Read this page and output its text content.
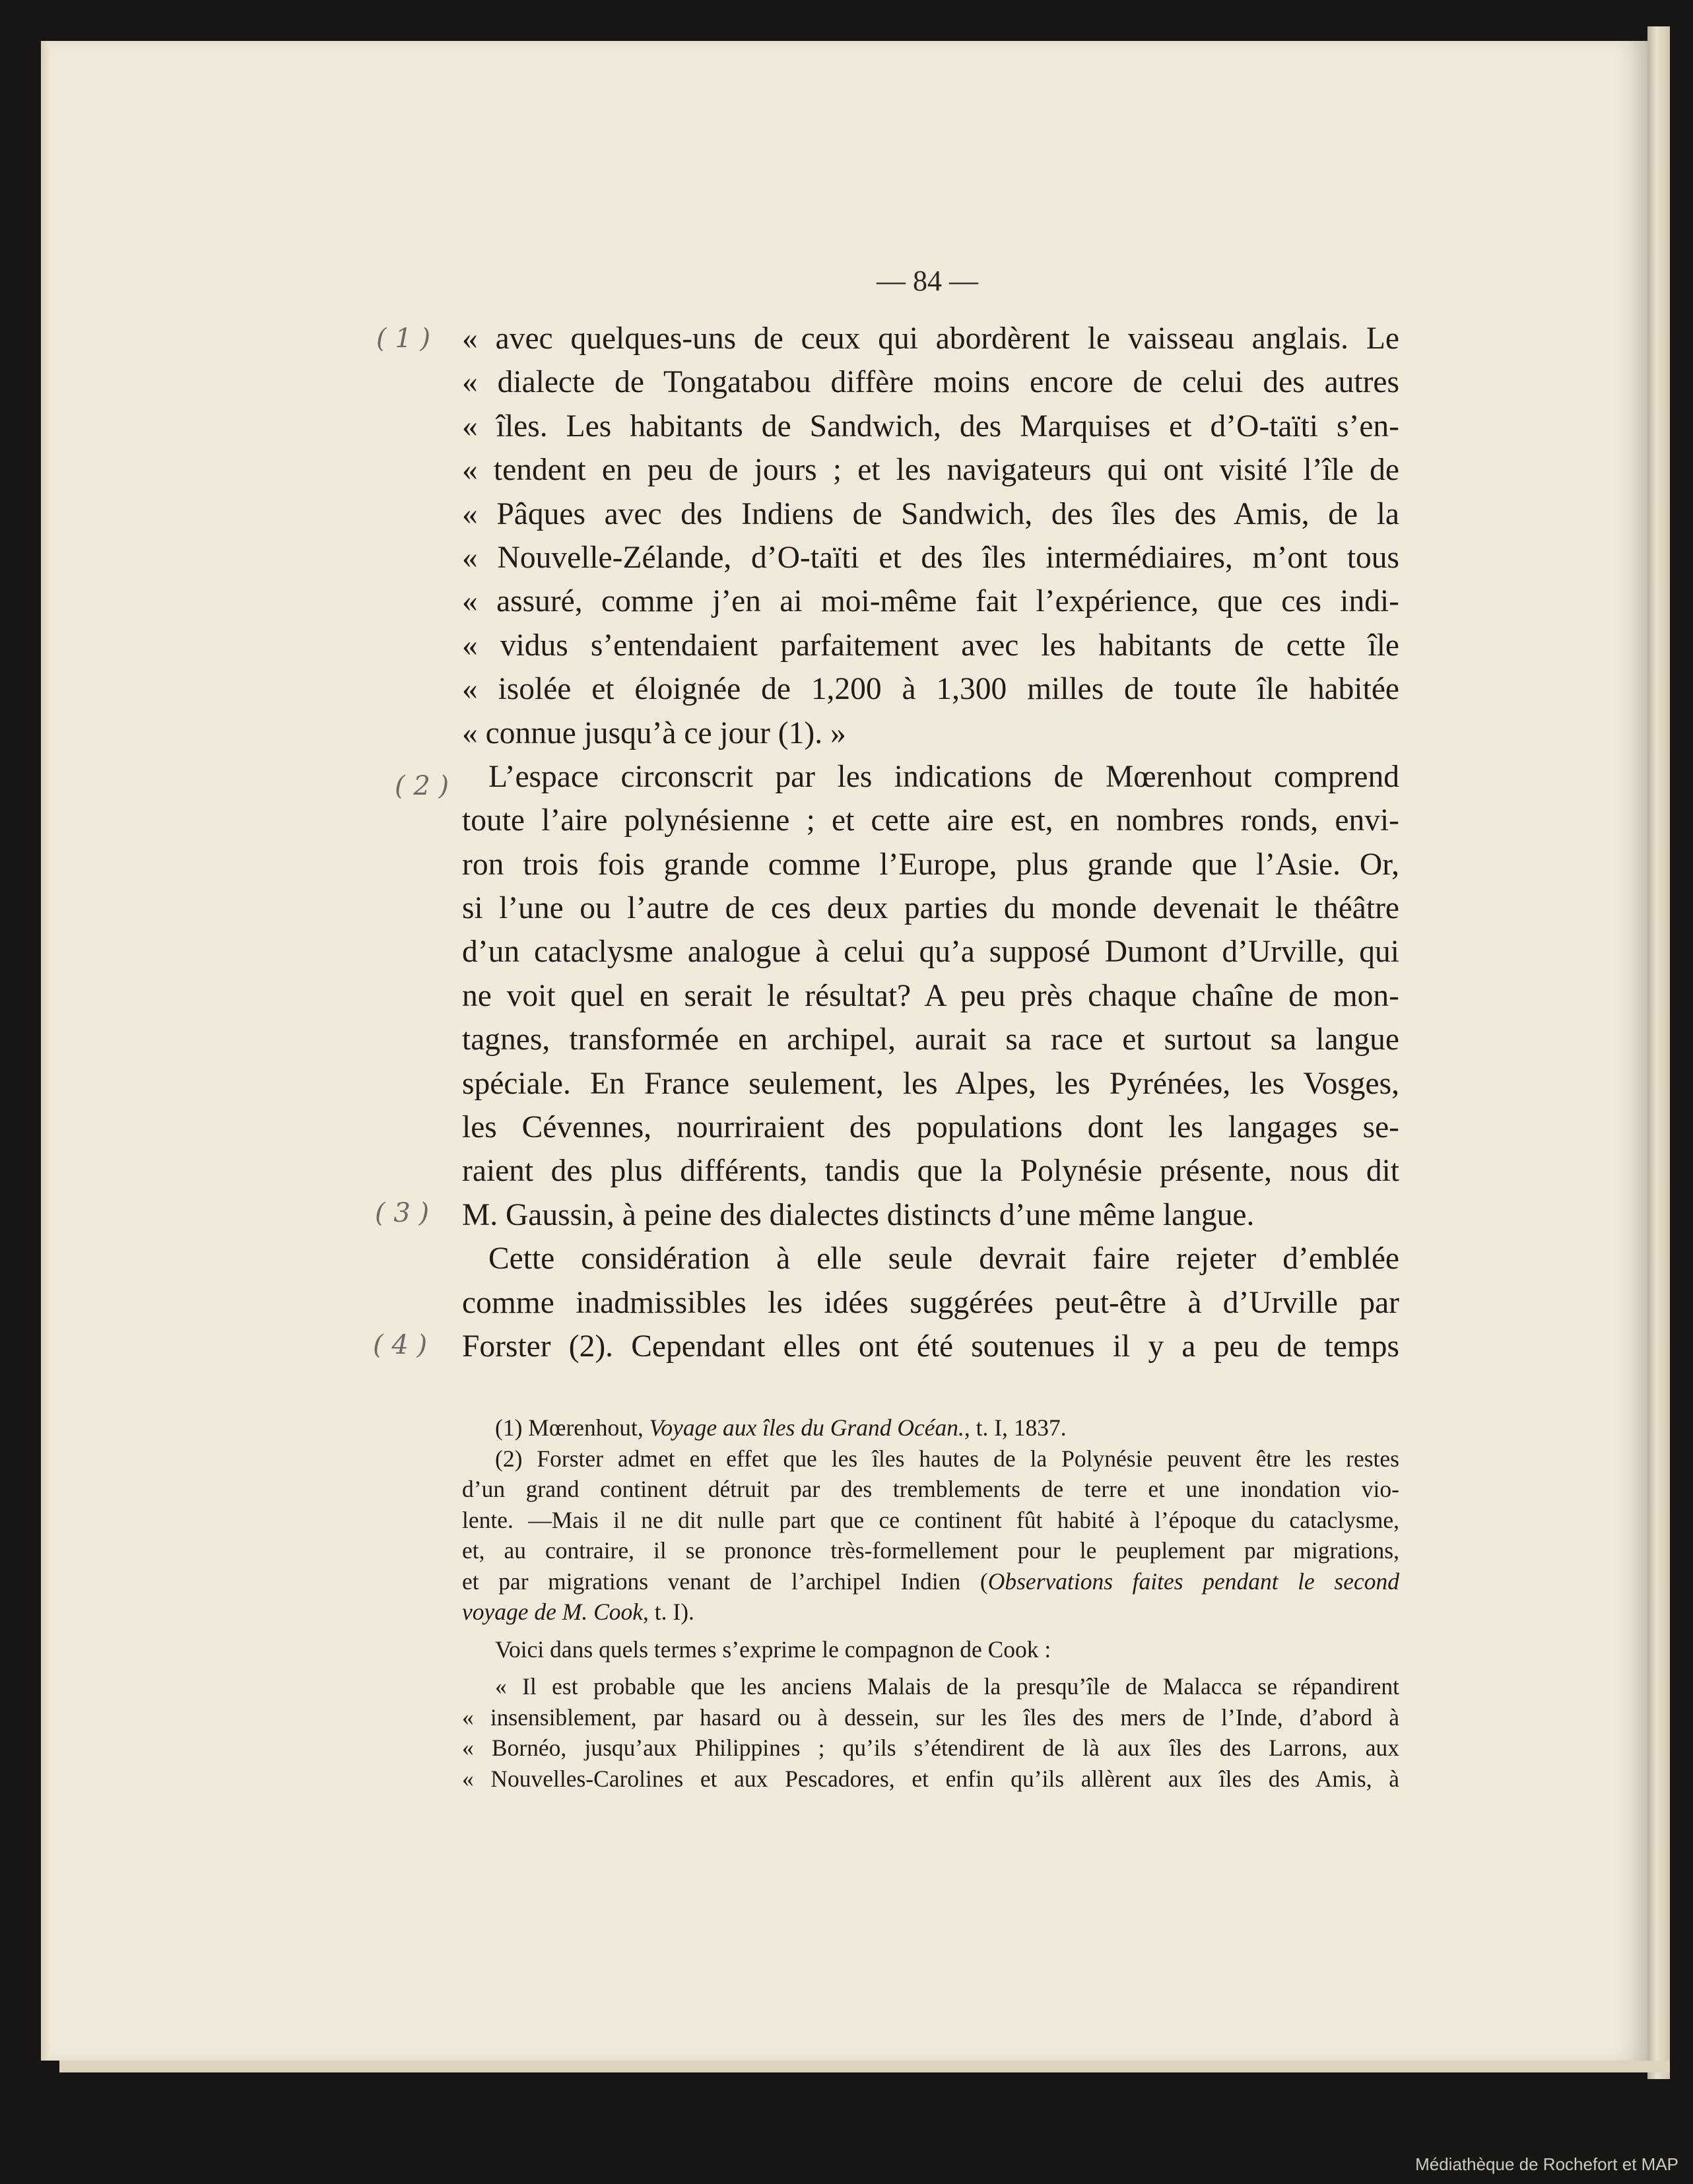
— 84 —
( 1 )
( 2 )
( 3 )
( 4 )
« avec quelques-uns de ceux qui abordèrent le vaisseau anglais. Le
« dialecte de Tongatabou diffère moins encore de celui des autres
« îles. Les habitants de Sandwich, des Marquises et d’O-taïti s’en-
« tendent en peu de jours ; et les navigateurs qui ont visité l’île de
« Pâques avec des Indiens de Sandwich, des îles des Amis, de la
« Nouvelle-Zélande, d’O-taïti et des îles intermédiaires, m’ont tous
« assuré, comme j’en ai moi-même fait l’expérience, que ces indi-
« vidus s’entendaient parfaitement avec les habitants de cette île
« isolée et éloignée de 1,200 à 1,300 milles de toute île habitée
« connue jusqu’à ce jour (1). »
L’espace circonscrit par les indications de Mœrenhout comprend
toute l’aire polynésienne ; et cette aire est, en nombres ronds, envi-
ron trois fois grande comme l’Europe, plus grande que l’Asie. Or,
si l’une ou l’autre de ces deux parties du monde devenait le théâtre
d’un cataclysme analogue à celui qu’a supposé Dumont d’Urville, qui
ne voit quel en serait le résultat? A peu près chaque chaîne de mon-
tagnes, transformée en archipel, aurait sa race et surtout sa langue
spéciale. En France seulement, les Alpes, les Pyrénées, les Vosges,
les Cévennes, nourriraient des populations dont les langages se-
raient des plus différents, tandis que la Polynésie présente, nous dit
M. Gaussin, à peine des dialectes distincts d’une même langue.
Cette considération à elle seule devrait faire rejeter d’emblée
comme inadmissibles les idées suggérées peut-être à d’Urville par
Forster (2). Cependant elles ont été soutenues il y a peu de temps
(1) Mœrenhout, Voyage aux îles du Grand Océan., t. I, 1837.
(2) Forster admet en effet que les îles hautes de la Polynésie peuvent être les restes
d’un grand continent détruit par des tremblements de terre et une inondation vio-
lente. —Mais il ne dit nulle part que ce continent fût habité à l’époque du cataclysme,
et, au contraire, il se prononce très-formellement pour le peuplement par migrations,
et par migrations venant de l’archipel Indien (Observations faites pendant le second
voyage de M. Cook, t. I).
Voici dans quels termes s’exprime le compagnon de Cook :
« Il est probable que les anciens Malais de la presqu’île de Malacca se répandirent
« insensiblement, par hasard ou à dessein, sur les îles des mers de l’Inde, d’abord à
« Bornéo, jusqu’aux Philippines ; qu’ils s’étendirent de là aux îles des Larrons, aux
« Nouvelles-Carolines et aux Pescadores, et enfin qu’ils allèrent aux îles des Amis, à
Médiathèque de Rochefort et MAP
